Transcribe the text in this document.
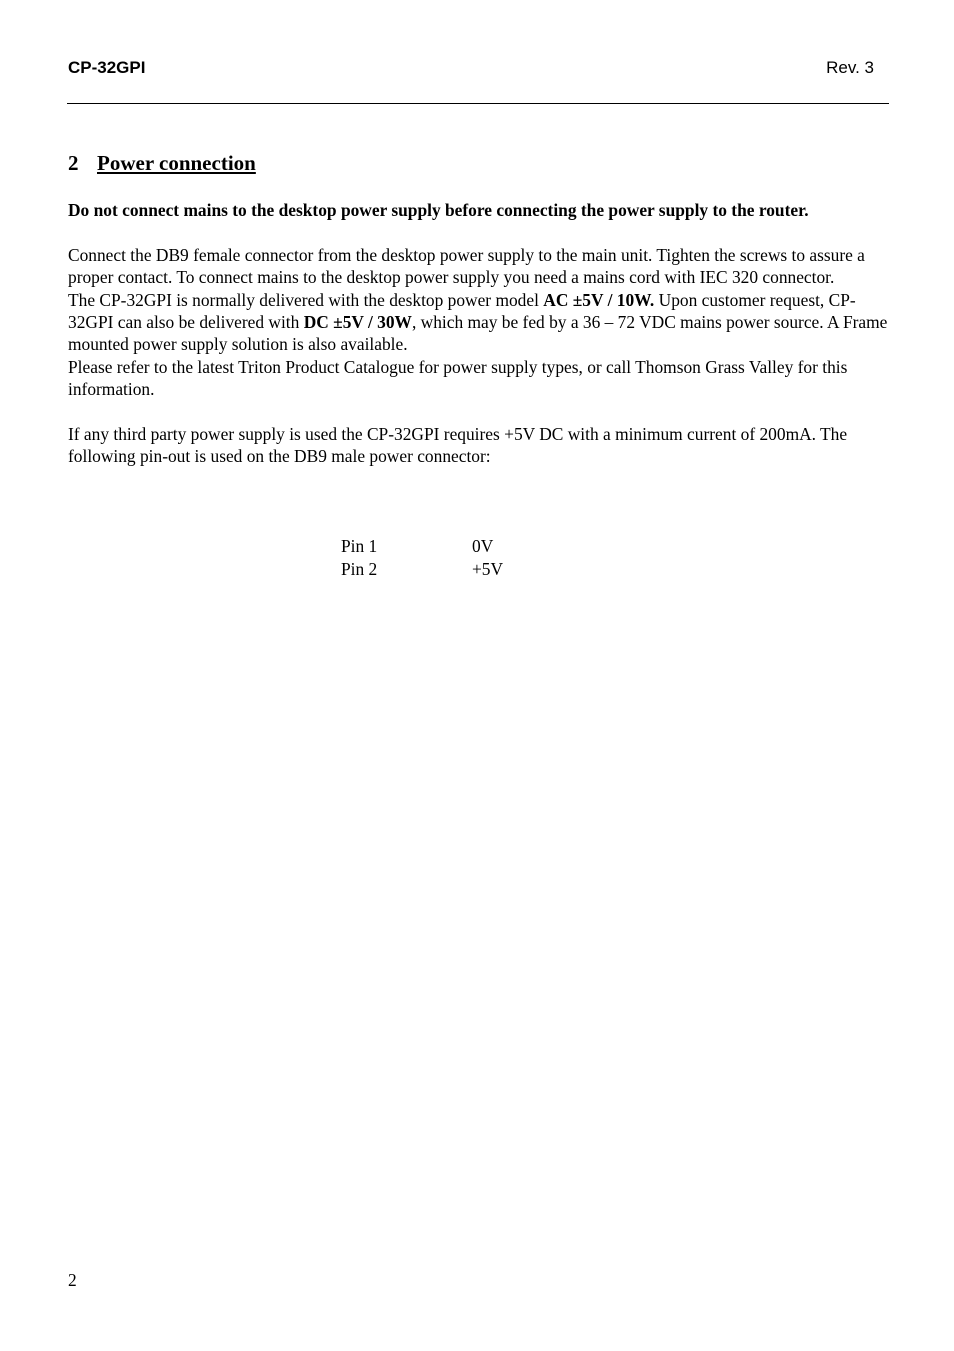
CP-32GPI	Rev. 3
2 Power connection

Do not connect mains to the desktop power supply before connecting the power supply to the router.

Connect the DB9 female connector from the desktop power supply to the main unit. Tighten the screws to assure a proper contact. To connect mains to the desktop power supply you need a mains cord with IEC 320 connector.

The CP-32GPI is normally delivered with the desktop power model AC ±5V / 10W. Upon customer request, CP-32GPI can also be delivered with DC ±5V / 30W, which may be fed by a 36 – 72 VDC mains power source. A Frame mounted power supply solution is also available.

Please refer to the latest Triton Product Catalogue for power supply types, or call Thomson Grass Valley for this information.

If any third party power supply is used the CP-32GPI requires +5V DC with a minimum current of 200mA. The following pin-out is used on the DB9 male power connector:

Pin 1	0V
Pin 2	+5V
2
